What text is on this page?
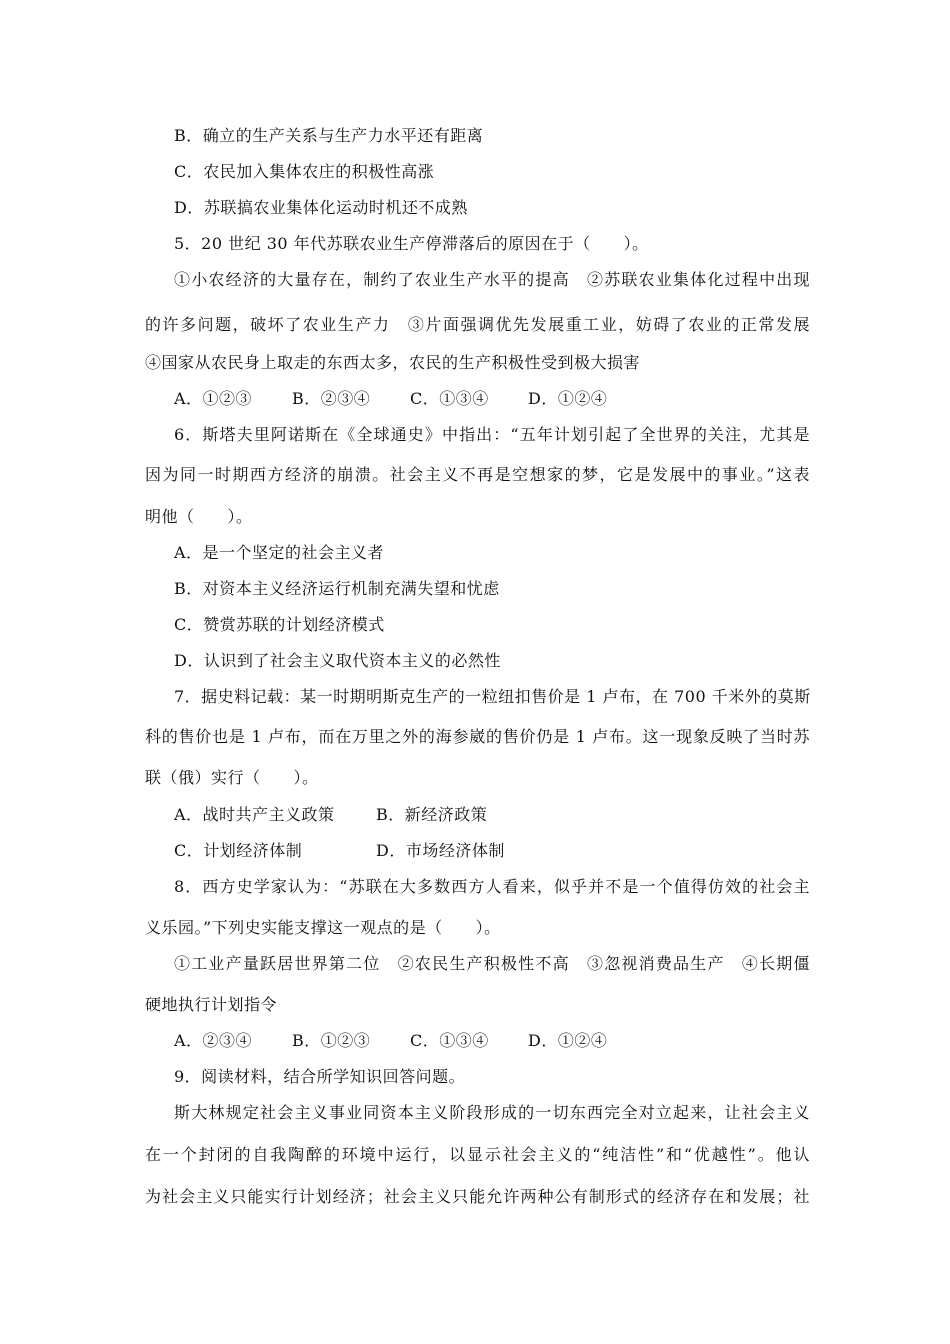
B．确立的生产关系与生产力水平还有距离
C．农民加入集体农庄的积极性高涨
D．苏联搞农业集体化运动时机还不成熟
5．20 世纪 30 年代苏联农业生产停滞落后的原因在于（　　）。
①小农经济的大量存在，制约了农业生产水平的提高　②苏联农业集体化过程中出现
的许多问题，破坏了农业生产力　③片面强调优先发展重工业，妨碍了农业的正常发展
④国家从农民身上取走的东西太多，农民的生产积极性受到极大损害
A．①②③ B．②③④ C．①③④ D．①②④
6．斯塔夫里阿诺斯在《全球通史》中指出：“五年计划引起了全世界的关注，尤其是
因为同一时期西方经济的崩溃。社会主义不再是空想家的梦，它是发展中的事业。”这表
明他（　　）。
A．是一个坚定的社会主义者
B．对资本主义经济运行机制充满失望和忧虑
C．赞赏苏联的计划经济模式
D．认识到了社会主义取代资本主义的必然性
7．据史料记载：某一时期明斯克生产的一粒纽扣售价是 1 卢布，在 700 千米外的莫斯
科的售价也是 1 卢布，而在万里之外的海参崴的售价仍是 1 卢布。这一现象反映了当时苏
联（俄）实行（　　）。
A．战时共产主义政策	B．新经济政策
C．计划经济体制	D．市场经济体制
8．西方史学家认为：“苏联在大多数西方人看来，似乎并不是一个值得仿效的社会主
义乐园。”下列史实能支撑这一观点的是（　　）。
①工业产量跃居世界第二位　②农民生产积极性不高　③忽视消费品生产　④长期僵
硬地执行计划指令
A．②③④ B．①②③ C．①③④ D．①②④
9．阅读材料，结合所学知识回答问题。
斯大林规定社会主义事业同资本主义阶段形成的一切东西完全对立起来，让社会主义
在一个封闭的自我陶醉的环境中运行，以显示社会主义的“纯洁性”和“优越性”。他认
为社会主义只能实行计划经济；社会主义只能允许两种公有制形式的经济存在和发展；社
